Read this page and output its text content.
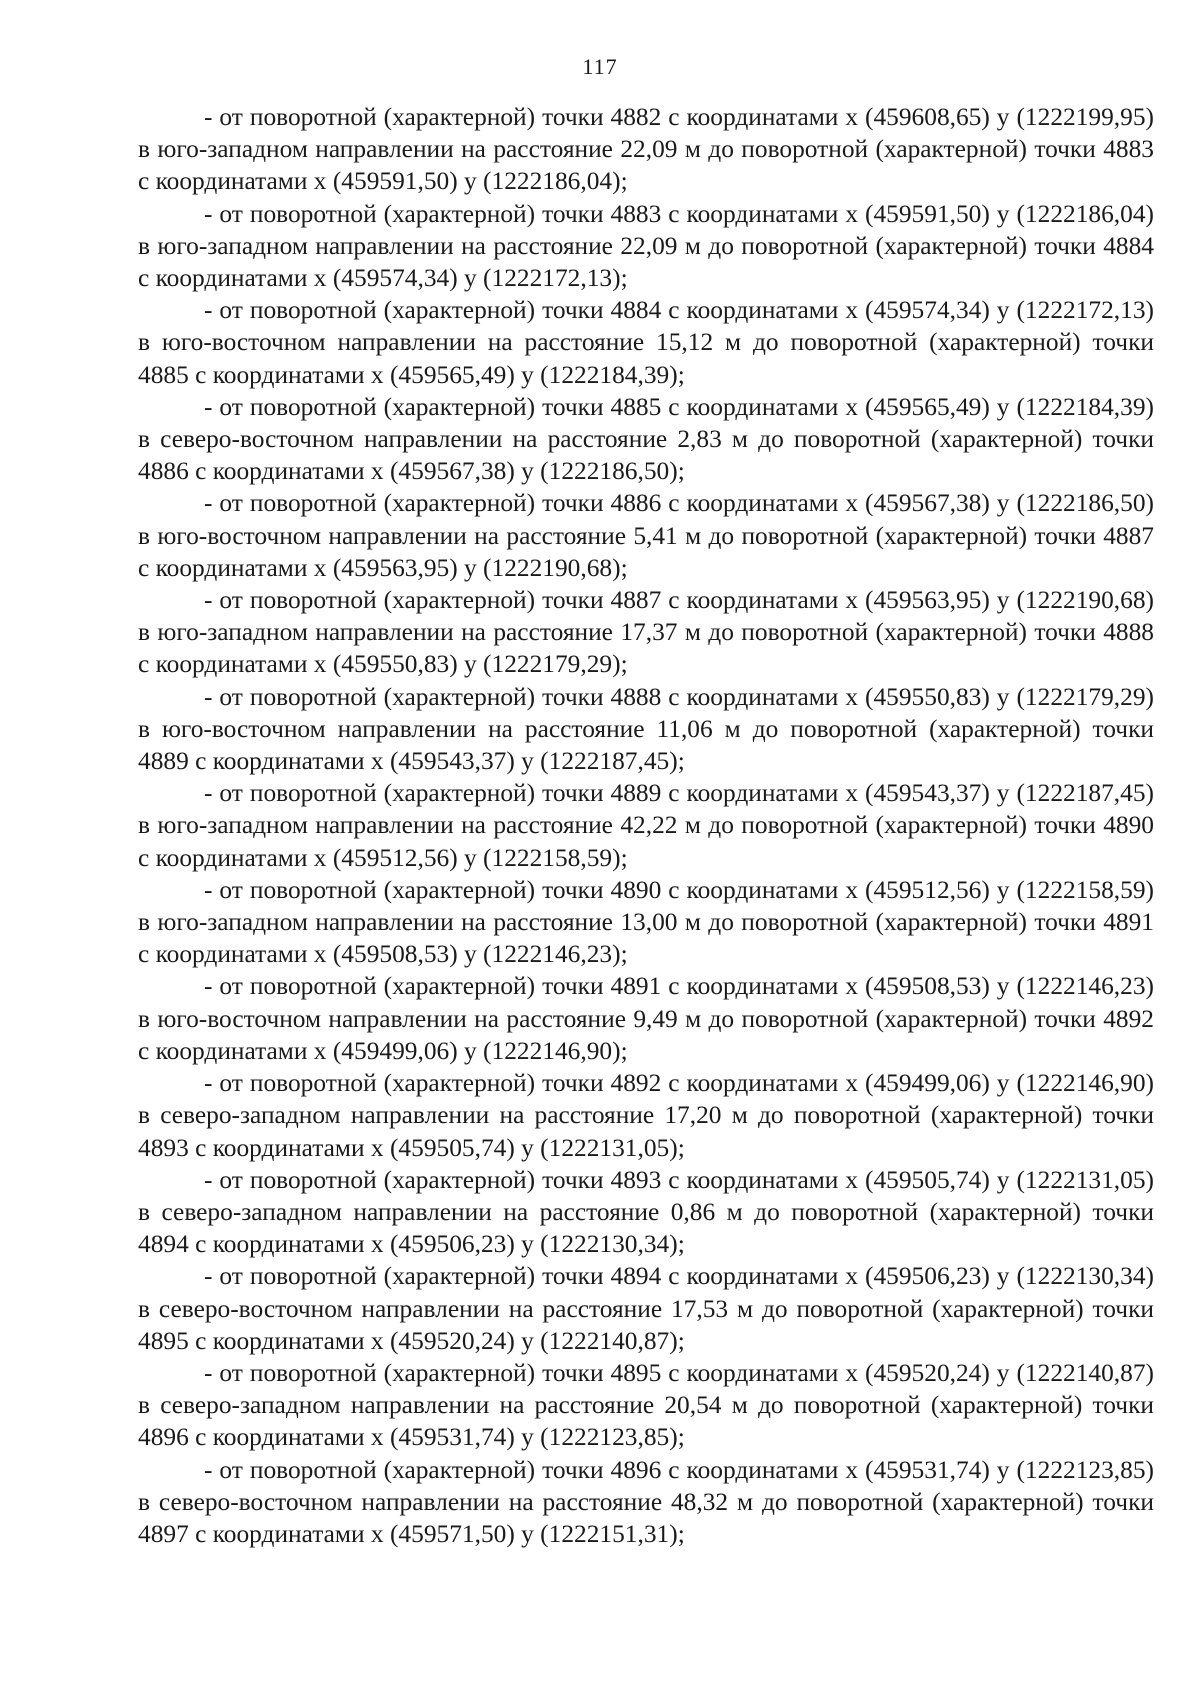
117

- от поворотной (характерной) точки 4882 с координатами х (459608,65) у (1222199,95) в юго-западном направлении на расстояние 22,09 м до поворотной (характерной) точки 4883 с координатами х (459591,50) у (1222186,04);

- от поворотной (характерной) точки 4883 с координатами х (459591,50) у (1222186,04) в юго-западном направлении на расстояние 22,09 м до поворотной (характерной) точки 4884 с координатами х (459574,34) у (1222172,13);

- от поворотной (характерной) точки 4884 с координатами х (459574,34) у (1222172,13) в юго-восточном направлении на расстояние 15,12 м до поворотной (характерной) точки 4885 с координатами х (459565,49) у (1222184,39);

- от поворотной (характерной) точки 4885 с координатами х (459565,49) у (1222184,39) в северо-восточном направлении на расстояние 2,83 м до поворотной (характерной) точки 4886 с координатами х (459567,38) у (1222186,50);

- от поворотной (характерной) точки 4886 с координатами х (459567,38) у (1222186,50) в юго-восточном направлении на расстояние 5,41 м до поворотной (характерной) точки 4887 с координатами х (459563,95) у (1222190,68);

- от поворотной (характерной) точки 4887 с координатами х (459563,95) у (1222190,68) в юго-западном направлении на расстояние 17,37 м до поворотной (характерной) точки 4888 с координатами х (459550,83) у (1222179,29);

- от поворотной (характерной) точки 4888 с координатами х (459550,83) у (1222179,29) в юго-восточном направлении на расстояние 11,06 м до поворотной (характерной) точки 4889 с координатами х (459543,37) у (1222187,45);

- от поворотной (характерной) точки 4889 с координатами х (459543,37) у (1222187,45) в юго-западном направлении на расстояние 42,22 м до поворотной (характерной) точки 4890 с координатами х (459512,56) у (1222158,59);

- от поворотной (характерной) точки 4890 с координатами х (459512,56) у (1222158,59) в юго-западном направлении на расстояние 13,00 м до поворотной (характерной) точки 4891 с координатами х (459508,53) у (1222146,23);

- от поворотной (характерной) точки 4891 с координатами х (459508,53) у (1222146,23) в юго-восточном направлении на расстояние 9,49 м до поворотной (характерной) точки 4892 с координатами х (459499,06) у (1222146,90);

- от поворотной (характерной) точки 4892 с координатами х (459499,06) у (1222146,90) в северо-западном направлении на расстояние 17,20 м до поворотной (характерной) точки 4893 с координатами х (459505,74) у (1222131,05);

- от поворотной (характерной) точки 4893 с координатами х (459505,74) у (1222131,05) в северо-западном направлении на расстояние 0,86 м до поворотной (характерной) точки 4894 с координатами х (459506,23) у (1222130,34);

- от поворотной (характерной) точки 4894 с координатами х (459506,23) у (1222130,34) в северо-восточном направлении на расстояние 17,53 м до поворотной (характерной) точки 4895 с координатами х (459520,24) у (1222140,87);

- от поворотной (характерной) точки 4895 с координатами х (459520,24) у (1222140,87) в северо-западном направлении на расстояние 20,54 м до поворотной (характерной) точки 4896 с координатами х (459531,74) у (1222123,85);

- от поворотной (характерной) точки 4896 с координатами х (459531,74) у (1222123,85) в северо-восточном направлении на расстояние 48,32 м до поворотной (характерной) точки 4897 с координатами х (459571,50) у (1222151,31);
